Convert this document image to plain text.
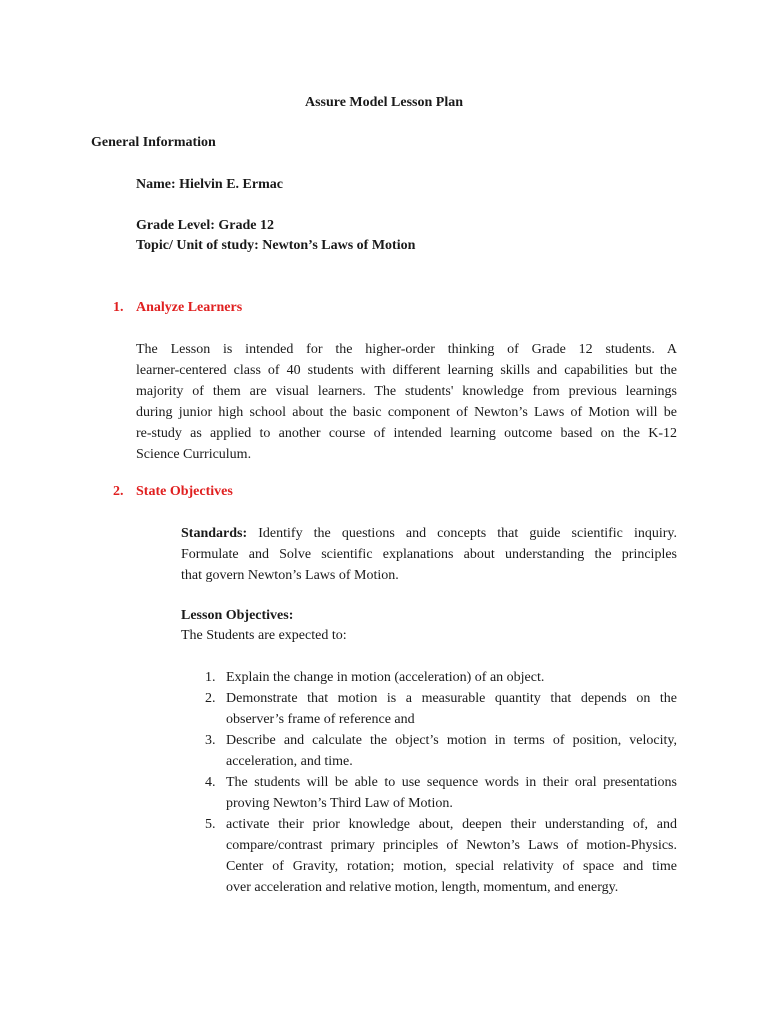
Assure Model Lesson Plan
General Information
Name: Hielvin E. Ermac
Grade Level: Grade 12
Topic/ Unit of study: Newton’s Laws of Motion
1. Analyze Learners
The Lesson is intended for the higher-order thinking of Grade 12 students. A
learner-centered class of 40 students with different learning skills and capabilities but the
majority of them are visual learners. The students' knowledge from previous learnings
during junior high school about the basic component of Newton’s Laws of Motion will be
re-study as applied to another course of intended learning outcome based on the K-12
Science Curriculum.
2. State Objectives
Standards: Identify the questions and concepts that guide scientific inquiry.
Formulate and Solve scientific explanations about understanding the principles
that govern Newton’s Laws of Motion.
Lesson Objectives:
The Students are expected to:
1. Explain the change in motion (acceleration) of an object.
2. Demonstrate that motion is a measurable quantity that depends on the
observer’s frame of reference and
3. Describe and calculate the object’s motion in terms of position, velocity,
acceleration, and time.
4. The students will be able to use sequence words in their oral presentations
proving Newton’s Third Law of Motion.
5. activate their prior knowledge about, deepen their understanding of, and
compare/contrast primary principles of Newton’s Laws of motion-Physics.
Center of Gravity, rotation; motion, special relativity of space and time
over acceleration and relative motion, length, momentum, and energy.
